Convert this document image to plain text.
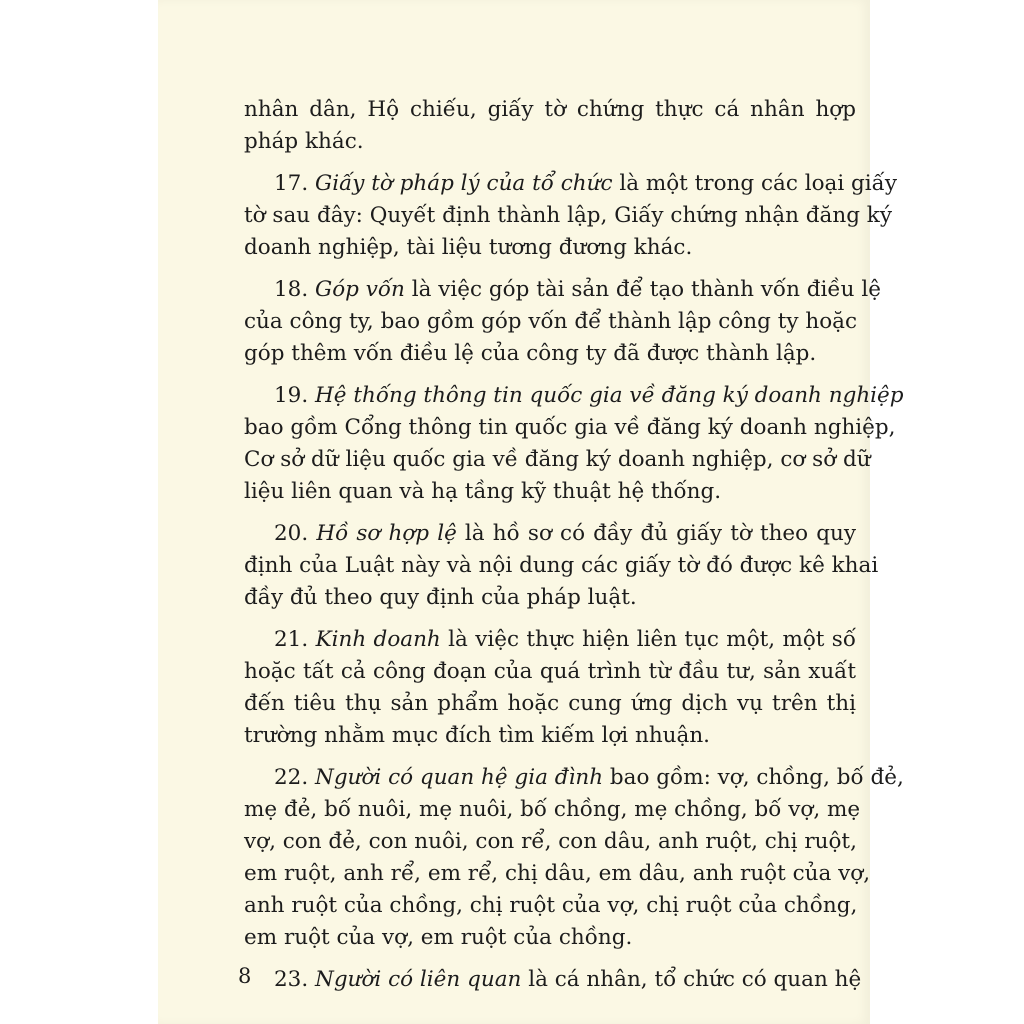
nhân dân, Hộ chiếu, giấy tờ chứng thực cá nhân hợp
pháp khác.
17. Giấy tờ pháp lý của tổ chức là một trong các loại giấy
tờ sau đây: Quyết định thành lập, Giấy chứng nhận đăng ký
doanh nghiệp, tài liệu tương đương khác.
18. Góp vốn là việc góp tài sản để tạo thành vốn điều lệ
của công ty, bao gồm góp vốn để thành lập công ty hoặc
góp thêm vốn điều lệ của công ty đã được thành lập.
19. Hệ thống thông tin quốc gia về đăng ký doanh nghiệp
bao gồm Cổng thông tin quốc gia về đăng ký doanh nghiệp,
Cơ sở dữ liệu quốc gia về đăng ký doanh nghiệp, cơ sở dữ
liệu liên quan và hạ tầng kỹ thuật hệ thống.
20. Hồ sơ hợp lệ là hồ sơ có đầy đủ giấy tờ theo quy
định của Luật này và nội dung các giấy tờ đó được kê khai
đầy đủ theo quy định của pháp luật.
21. Kinh doanh là việc thực hiện liên tục một, một số
hoặc tất cả công đoạn của quá trình từ đầu tư, sản xuất
đến tiêu thụ sản phẩm hoặc cung ứng dịch vụ trên thị
trường nhằm mục đích tìm kiếm lợi nhuận.
22. Người có quan hệ gia đình bao gồm: vợ, chồng, bố đẻ,
mẹ đẻ, bố nuôi, mẹ nuôi, bố chồng, mẹ chồng, bố vợ, mẹ
vợ, con đẻ, con nuôi, con rể, con dâu, anh ruột, chị ruột,
em ruột, anh rể, em rể, chị dâu, em dâu, anh ruột của vợ,
anh ruột của chồng, chị ruột của vợ, chị ruột của chồng,
em ruột của vợ, em ruột của chồng.
23. Người có liên quan là cá nhân, tổ chức có quan hệ
8
